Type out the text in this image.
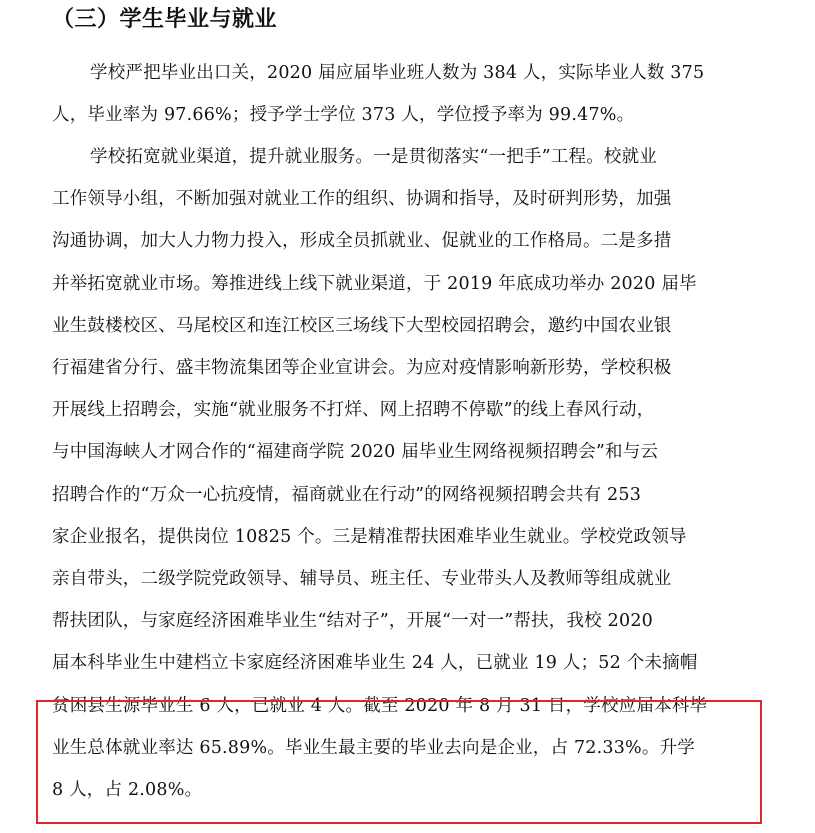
（三）学生毕业与就业

学校严把毕业出口关，2020 届应届毕业班人数为 384 人，实际毕业人数 375

人，毕业率为 97.66%；授予学士学位 373 人，学位授予率为 99.47%。

学校拓宽就业渠道，提升就业服务。一是贯彻落实“一把手”工程。校就业

工作领导小组，不断加强对就业工作的组织、协调和指导，及时研判形势，加强

沟通协调，加大人力物力投入，形成全员抓就业、促就业的工作格局。二是多措

并举拓宽就业市场。筹推进线上线下就业渠道，于 2019 年底成功举办 2020 届毕

业生鼓楼校区、马尾校区和连江校区三场线下大型校园招聘会，邀约中国农业银

行福建省分行、盛丰物流集团等企业宣讲会。为应对疫情影响新形势，学校积极

开展线上招聘会，实施“就业服务不打烊、网上招聘不停歇”的线上春风行动，

与中国海峡人才网合作的“福建商学院 2020 届毕业生网络视频招聘会”和与云

招聘合作的“万众一心抗疫情，福商就业在行动”的网络视频招聘会共有 253

家企业报名，提供岗位 10825 个。三是精准帮扶困难毕业生就业。学校党政领导

亲自带头，二级学院党政领导、辅导员、班主任、专业带头人及教师等组成就业

帮扶团队，与家庭经济困难毕业生“结对子”，开展“一对一”帮扶，我校 2020

届本科毕业生中建档立卡家庭经济困难毕业生 24 人，已就业 19 人；52 个未摘帽

贫困县生源毕业生 6 人，已就业 4 人。截至 2020 年 8 月 31 日，学校应届本科毕

业生总体就业率达 65.89%。毕业生最主要的毕业去向是企业，占 72.33%。升学

8 人，占 2.08%。
